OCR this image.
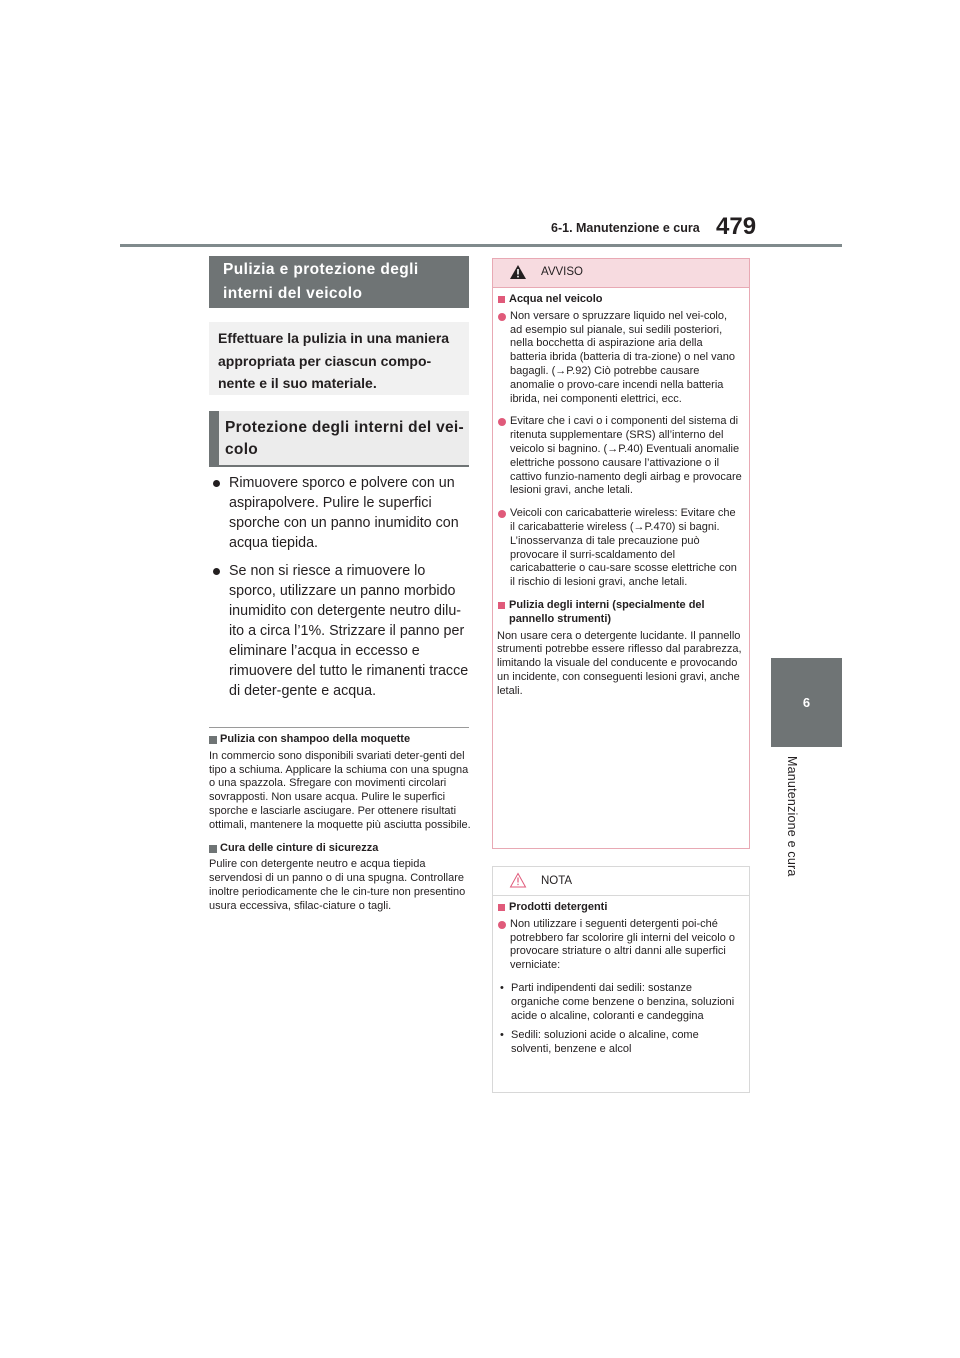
6-1. Manutenzione e cura 479
6
Manutenzione e cura
Pulizia e protezione degli interni del veicolo
Effettuare la pulizia in una maniera appropriata per ciascun compo-nente e il suo materiale.
Protezione degli interni del vei-colo
Rimuovere sporco e polvere con un aspirapolvere. Pulire le superfici sporche con un panno inumidito con acqua tiepida.
Se non si riesce a rimuovere lo sporco, utilizzare un panno morbido inumidito con detergente neutro dilu-ito a circa l’1%. Strizzare il panno per eliminare l’acqua in eccesso e rimuovere del tutto le rimanenti tracce di deter-gente e acqua.
Pulizia con shampoo della moquette
In commercio sono disponibili svariati deter-genti del tipo a schiuma. Applicare la schiuma con una spugna o una spazzola. Sfregare con movimenti circolari sovrapposti. Non usare acqua. Pulire le superfici sporche e lasciarle asciugare. Per ottenere risultati ottimali, mantenere la moquette più asciutta possibile.
Cura delle cinture di sicurezza
Pulire con detergente neutro e acqua tiepida servendosi di un panno o di una spugna. Controllare inoltre periodicamente che le cin-ture non presentino usura eccessiva, sfilac-ciature o tagli.
AVVISO
Acqua nel veicolo
Non versare o spruzzare liquido nel vei-colo, ad esempio sul pianale, sui sedili posteriori, nella bocchetta di aspirazione aria della batteria ibrida (batteria di tra-zione) o nel vano bagagli. (→P.92) Ciò potrebbe causare anomalie o provo-care incendi nella batteria ibrida, nei componenti elettrici, ecc.
Evitare che i cavi o i componenti del sistema di ritenuta supplementare (SRS) all’interno del veicolo si bagnino. (→P.40) Eventuali anomalie elettriche possono causare l’attivazione o il cattivo funzio-namento degli airbag e provocare lesioni gravi, anche letali.
Veicoli con caricabatterie wireless: Evitare che il caricabatterie wireless (→P.470) si bagni. L’inosservanza di tale precauzione può provocare il surri-scaldamento del caricabatterie o cau-sare scosse elettriche con il rischio di lesioni gravi, anche letali.
Pulizia degli interni (specialmente del pannello strumenti)
Non usare cera o detergente lucidante. Il pannello strumenti potrebbe essere riflesso dal parabrezza, limitando la visuale del conducente e provocando un incidente, con conseguenti lesioni gravi, anche letali.
NOTA
Prodotti detergenti
Non utilizzare i seguenti detergenti poi-ché potrebbero far scolorire gli interni del veicolo o provocare striature o altri danni alle superfici verniciate:
• Parti indipendenti dai sedili: sostanze organiche come benzene o benzina, soluzioni acide o alcaline, coloranti e candeggina
• Sedili: soluzioni acide o alcaline, come solventi, benzene e alcol
